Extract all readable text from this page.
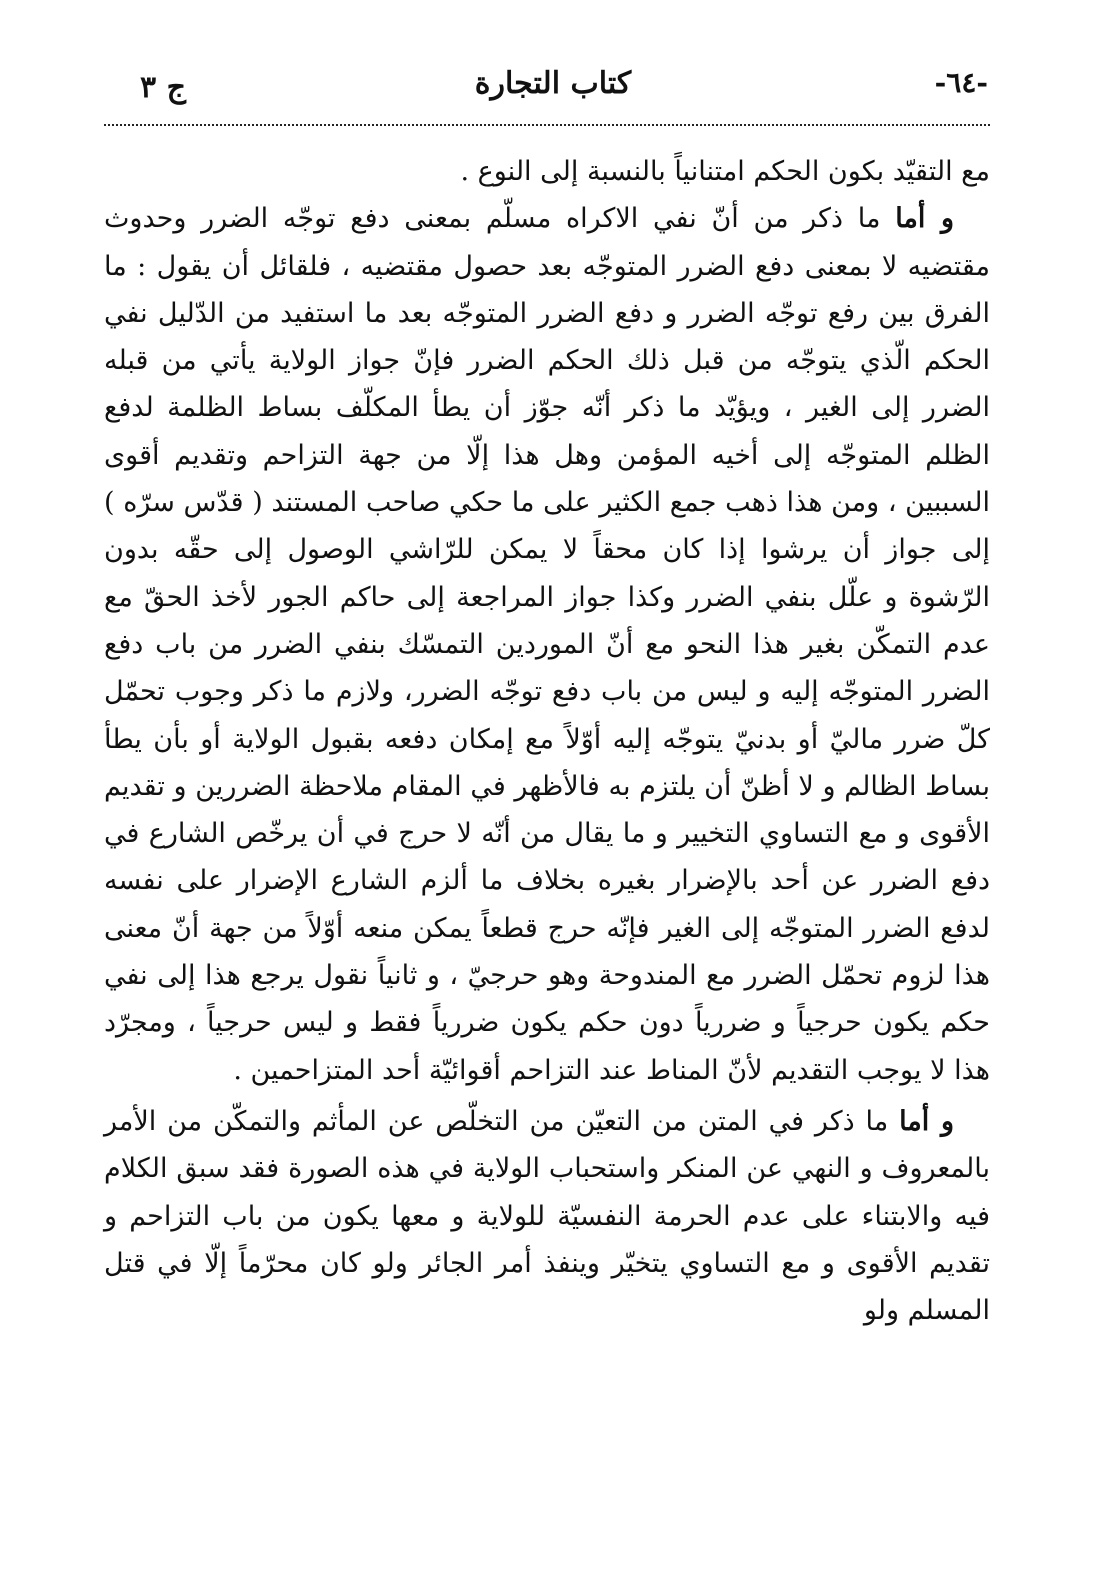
-٦٤-
كتاب التجارة
ج ٣

مع التقيّد بكون الحكم امتنانياً بالنسبة إلى النوع .

و أما ما ذكر من أنّ نفي الاكراه مسلّم بمعنى دفع توجّه الضرر وحدوث مقتضيه لا بمعنى دفع الضرر المتوجّه بعد حصول مقتضيه ، فلقائل أن يقول : ما الفرق بين رفع توجّه الضرر و دفع الضرر المتوجّه بعد ما استفيد من الدّليل نفي الحكم الّذي يتوجّه من قبل ذلك الحكم الضرر فإنّ جواز الولاية يأتي من قبله الضرر إلى الغير ، ويؤيّد ما ذكر أنّه جوّز أن يطأ المكلّف بساط الظلمة لدفع الظلم المتوجّه إلى أخيه المؤمن وهل هذا إلّا من جهة التزاحم وتقديم أقوى السببين ، ومن هذا ذهب جمع الكثير على ما حكي صاحب المستند ( قدّس سرّه ) إلى جواز أن يرشوا إذا كان محقاً لا يمكن للرّاشي الوصول إلى حقّه بدون الرّشوة و علّل بنفي الضرر وكذا جواز المراجعة إلى حاكم الجور لأخذ الحقّ مع عدم التمكّن بغير هذا النحو مع أنّ الموردين التمسّك بنفي الضرر من باب دفع الضرر المتوجّه إليه و ليس من باب دفع توجّه الضرر، ولازم ما ذكر وجوب تحمّل كلّ ضرر ماليّ أو بدنيّ يتوجّه إليه أوّلاً مع إمكان دفعه بقبول الولاية أو بأن يطأ بساط الظالم و لا أظنّ أن يلتزم به فالأظهر في المقام ملاحظة الضررين و تقديم الأقوى و مع التساوي التخيير و ما يقال من أنّه لا حرج في أن يرخّص الشارع في دفع الضرر عن أحد بالإضرار بغيره بخلاف ما ألزم الشارع الإضرار على نفسه لدفع الضرر المتوجّه إلى الغير فإنّه حرج قطعاً يمكن منعه أوّلاً من جهة أنّ معنى هذا لزوم تحمّل الضرر مع المندوحة وهو حرجيّ ، و ثانياً نقول يرجع هذا إلى نفي حكم يكون حرجياً و ضررياً دون حكم يكون ضررياً فقط و ليس حرجياً ، ومجرّد هذا لا يوجب التقديم لأنّ المناط عند التزاحم أقوائيّة أحد المتزاحمين .

و أما ما ذكر في المتن من التعيّن من التخلّص عن المأثم والتمكّن من الأمر بالمعروف و النهي عن المنكر واستحباب الولاية في هذه الصورة فقد سبق الكلام فيه والابتناء على عدم الحرمة النفسيّة للولاية و معها يكون من باب التزاحم و تقديم الأقوى و مع التساوي يتخيّر وينفذ أمر الجائر ولو كان محرّماً إلّا في قتل المسلم ولو
